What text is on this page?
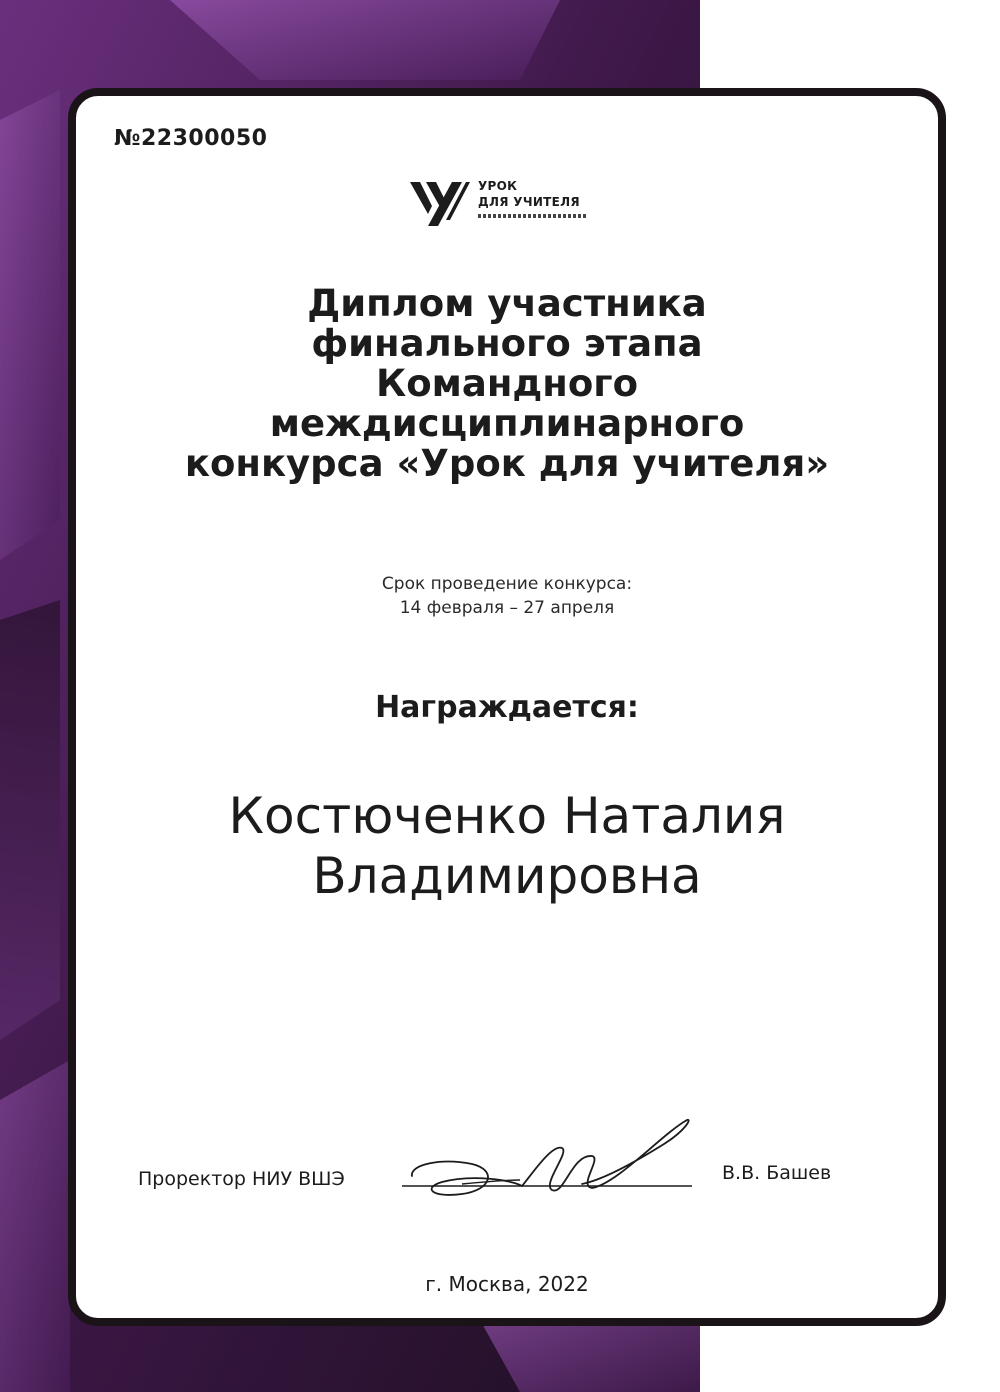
№22300050
УРОК
ДЛЯ УЧИТЕЛЯ
Диплом участника
финального этапа
Командного
междисциплинарного
конкурса «Урок для учителя»
Срок проведение конкурса:
14 февраля – 27 апреля
Награждается:
Костюченко Наталия
Владимировна
Проректор НИУ ВШЭ	В.В. Башев
г. Москва, 2022
